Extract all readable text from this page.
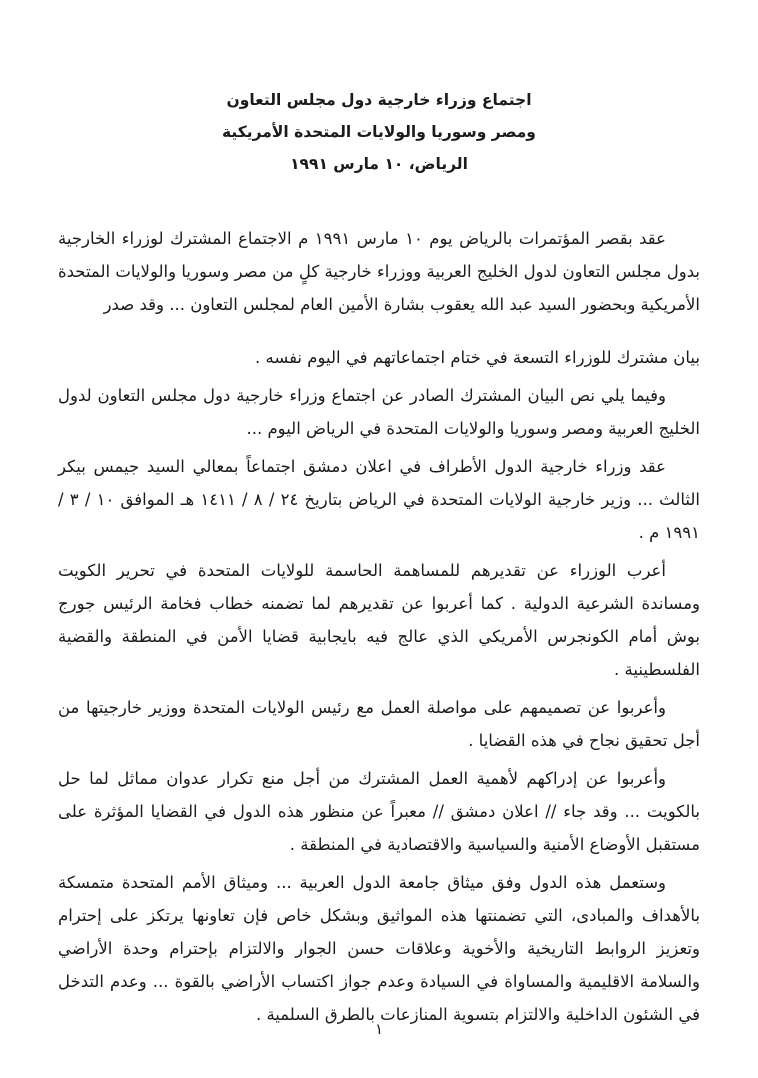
اجتماع وزراء خارجية دول مجلس التعاون
ومصر وسوريا والولايات المتحدة الأمريكية
الرياض، ١٠ مارس ١٩٩١

عقد بقصر المؤتمرات بالرياض يوم ١٠ مارس ١٩٩١ م الاجتماع المشترك لوزراء الخارجية بدول مجلس التعاون لدول الخليج العربية ووزراء خارجية كلٍ من مصر وسوريا والولايات المتحدة الأمريكية وبحضور السيد عبد الله يعقوب بشارة الأمين العام لمجلس التعاون ... وقد صدر

بيان مشترك للوزراء التسعة في ختام اجتماعاتهم في اليوم نفسه .

وفيما يلي نص البيان المشترك الصادر عن اجتماع وزراء خارجية دول مجلس التعاون لدول الخليج العربية ومصر وسوريا والولايات المتحدة في الرياض اليوم ...

عقد وزراء خارجية الدول الأطراف في اعلان دمشق اجتماعاً بمعالي السيد جيمس بيكر الثالث ... وزير خارجية الولايات المتحدة في الرياض بتاريخ ٢٤ / ٨ / ١٤١١ هـ الموافق ١٠ / ٣ / ١٩٩١ م .

أعرب الوزراء عن تقديرهم للمساهمة الحاسمة للولايات المتحدة في تحرير الكويت ومساندة الشرعية الدولية . كما أعربوا عن تقديرهم لما تضمنه خطاب فخامة الرئيس جورج بوش أمام الكونجرس الأمريكي الذي عالج فيه بايجابية قضايا الأمن في المنطقة والقضية الفلسطينية .

وأعربوا عن تصميمهم على مواصلة العمل مع رئيس الولايات المتحدة ووزير خارجيتها من أجل تحقيق نجاح في هذه القضايا .

وأعربوا عن إدراكهم لأهمية العمل المشترك من أجل منع تكرار عدوان مماثل لما حل بالكويت ... وقد جاء // اعلان دمشق // معبراً عن منظور هذه الدول في القضايا المؤثرة على مستقبل الأوضاع الأمنية والسياسية والاقتصادية في المنطقة .

وستعمل هذه الدول وفق ميثاق جامعة الدول العربية ... وميثاق الأمم المتحدة متمسكة بالأهداف والمبادى، التي تضمنتها هذه المواثيق وبشكل خاص فإن تعاونها يرتكز على إحترام وتعزيز الروابط التاريخية والأخوية وعلاقات حسن الجوار والالتزام بإحترام وحدة الأراضي والسلامة الاقليمية والمساواة في السيادة وعدم جواز اكتساب الأراضي بالقوة ... وعدم التدخل في الشئون الداخلية والالتزام بتسوية المنازعات بالطرق السلمية .

١
